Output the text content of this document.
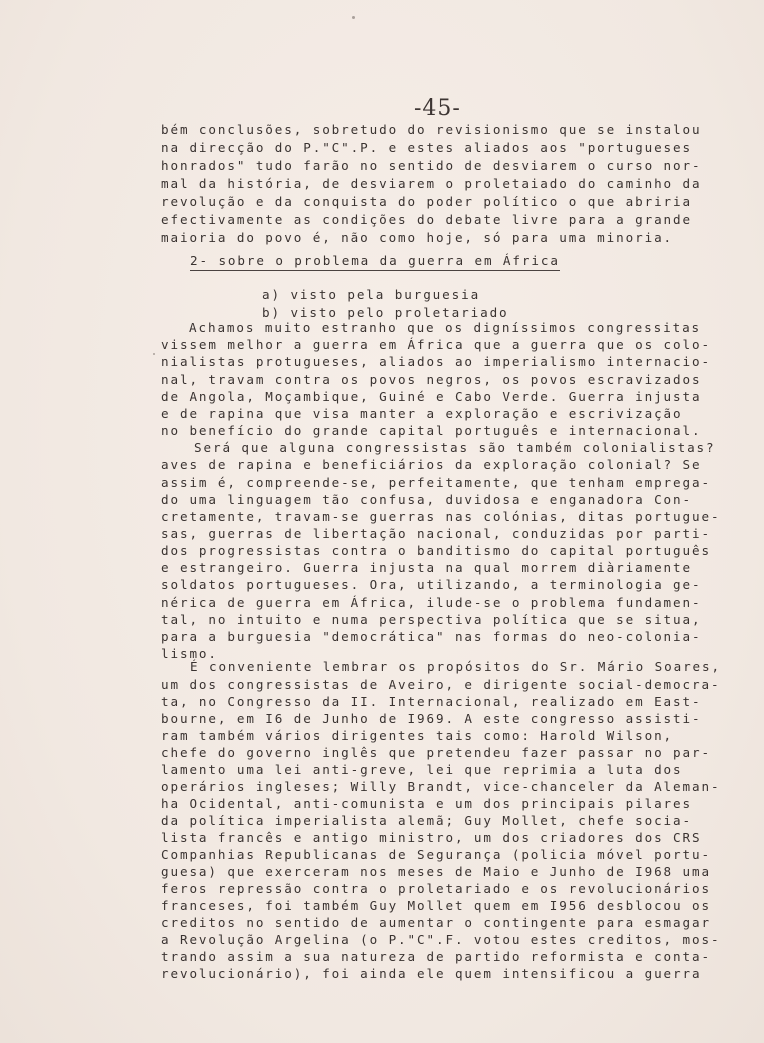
-45-
bém conclusões, sobretudo do revisionismo que se instalou
na direcção do P."C".P. e estes aliados aos "portugueses
honrados" tudo farão no sentido de desviarem o curso nor-
mal da história, de desviarem o proletaiado do caminho da
revolução e da conquista do poder político o que abriria
efectivamente as condições do debate livre para a grande
maioria do povo é, não como hoje, só para uma minoria.
2- sobre o problema da guerra em África
a) visto pela burguesia
b) visto pelo proletariado
Achamos muito estranho que os digníssimos congressitas
vissem melhor a guerra em África que a guerra que os colo-
nialistas protugueses, aliados ao imperialismo internacio-
nal, travam contra os povos negros, os povos escravizados
de Angola, Moçambique, Guiné e Cabo Verde. Guerra injusta
e de rapina que visa manter a exploração e escrivização
no benefício do grande capital português e internacional.
Será que alguna congressistas são também colonialistas?
aves de rapina e beneficiários da exploração colonial? Se
assim é, compreende-se, perfeitamente, que tenham emprega-
do uma linguagem tão confusa, duvidosa e enganadora Con-
cretamente, travam-se guerras nas colónias, ditas portugue-
sas, guerras de libertação nacional, conduzidas por parti-
dos progressistas contra o banditismo do capital português
e estrangeiro. Guerra injusta na qual morrem diàriamente
soldatos portugueses. Ora, utilizando, a terminologia ge-
nérica de guerra em África, ilude-se o problema fundamen-
tal, no intuito e numa perspectiva política que se situa,
para a burguesia "democrática" nas formas do neo-colonia-
lismo.
É conveniente lembrar os propósitos do Sr. Mário Soares,
um dos congressistas de Aveiro, e dirigente social-democra-
ta, no Congresso da II. Internacional, realizado em East-
bourne, em I6 de Junho de I969. A este congresso assisti-
ram também vários dirigentes tais como: Harold Wilson,
chefe do governo inglês que pretendeu fazer passar no par-
lamento uma lei anti-greve, lei que reprimia a luta dos
operários ingleses; Willy Brandt, vice-chanceler da Aleman-
ha Ocidental, anti-comunista e um dos principais pilares
da política imperialista alemã; Guy Mollet, chefe socia-
lista francês e antigo ministro, um dos criadores dos CRS
Companhias Republicanas de Segurança (policia móvel portu-
guesa) que exerceram nos meses de Maio e Junho de I968 uma
feros repressão contra o proletariado e os revolucionários
franceses, foi também Guy Mollet quem em I956 desblocou os
creditos no sentido de aumentar o contingente para esmagar
a Revolução Argelina (o P."C".F. votou estes creditos, mos-
trando assim a sua natureza de partido reformista e conta-
revolucionário), foi ainda ele quem intensificou a guerra
